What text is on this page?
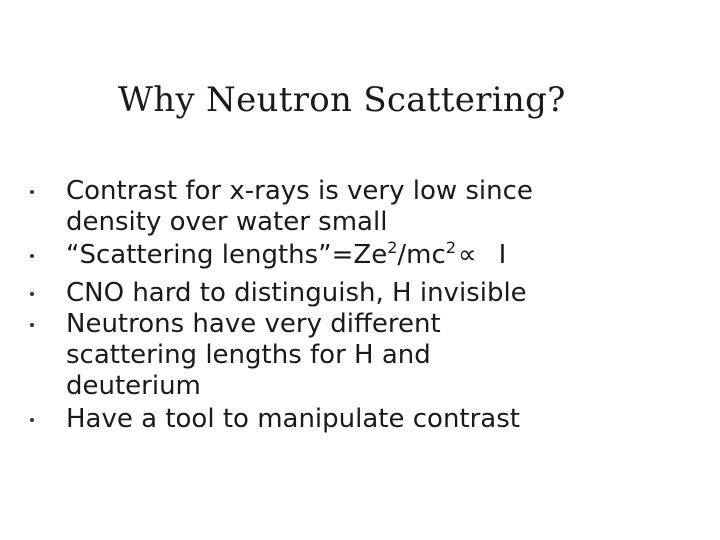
Why Neutron Scattering?
Contrast for x-rays is very low since
density over water small
“Scattering $lengths”=Ze^2/mc^2\propto I$
CNO hard to distinguish, H invisible
Neutrons have very different
scattering lengths for H and
deuterium
Have a tool to manipulate contrast
